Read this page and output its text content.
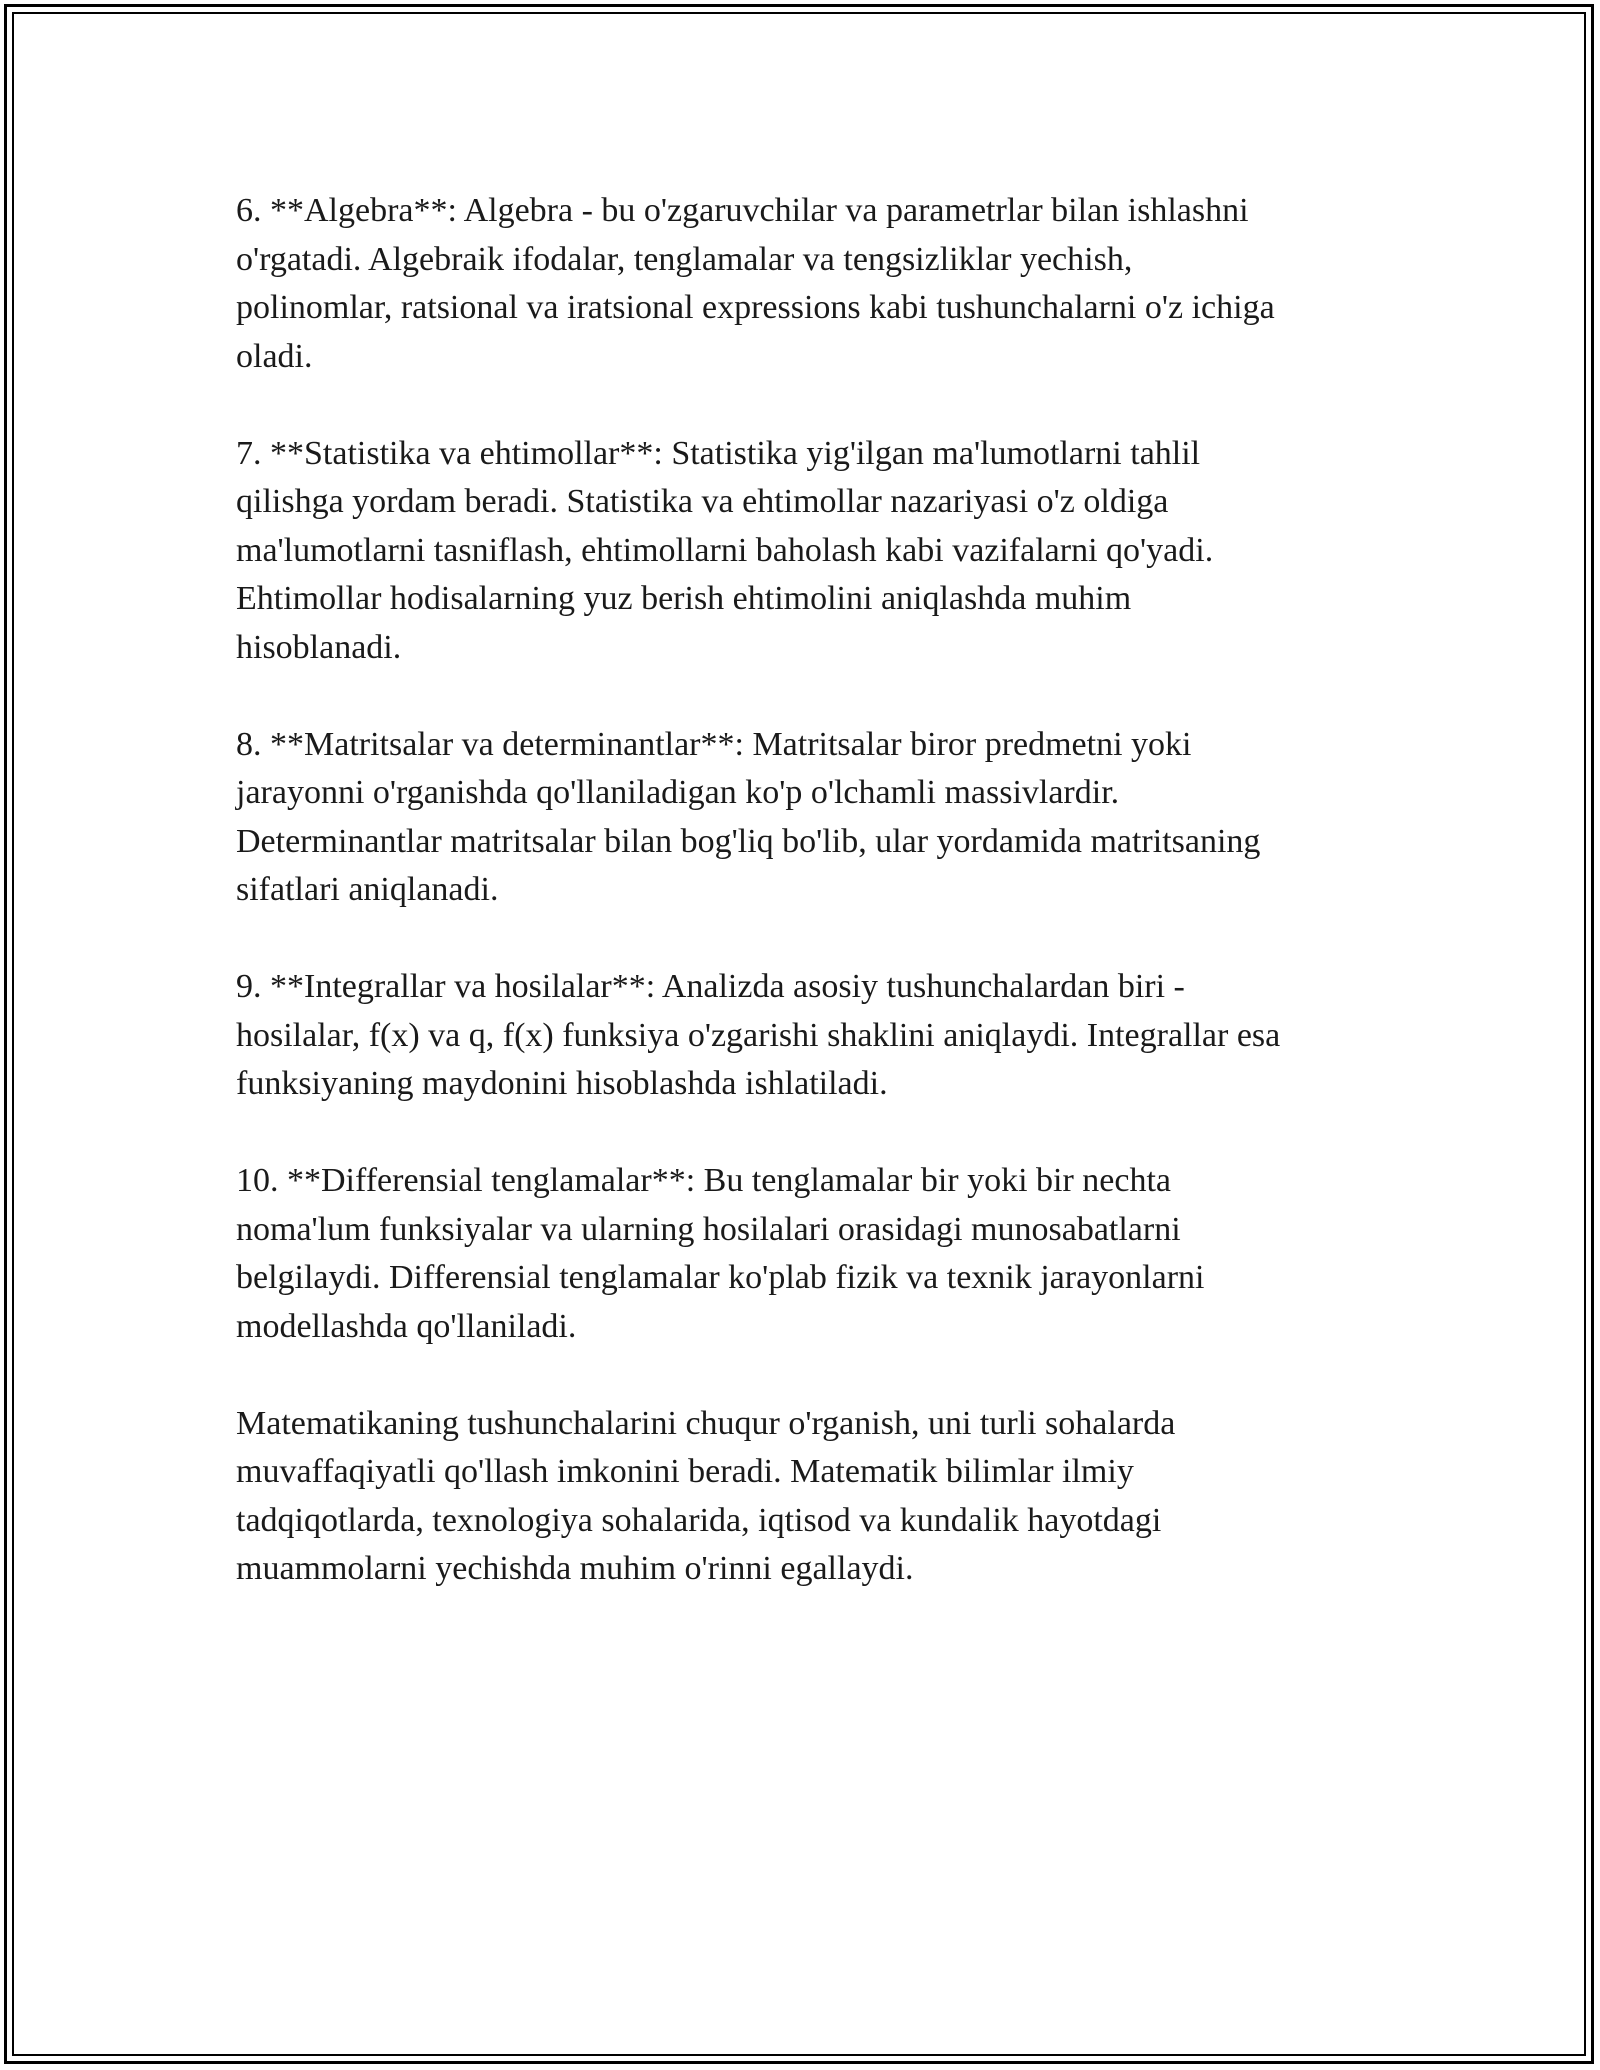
6. **Algebra**: Algebra - bu o'zgaruvchilar va parametrlar bilan ishlashni
o'rgatadi. Algebraik ifodalar, tenglamalar va tengsizliklar yechish,
polinomlar, ratsional va iratsional expressions kabi tushunchalarni o'z ichiga
oladi.

7. **Statistika va ehtimollar**: Statistika yig'ilgan ma'lumotlarni tahlil
qilishga yordam beradi. Statistika va ehtimollar nazariyasi o'z oldiga
ma'lumotlarni tasniflash, ehtimollarni baholash kabi vazifalarni qo'yadi.
Ehtimollar hodisalarning yuz berish ehtimolini aniqlashda muhim
hisoblanadi.

8. **Matritsalar va determinantlar**: Matritsalar biror predmetni yoki
jarayonni o'rganishda qo'llaniladigan ko'p o'lchamli massivlardir.
Determinantlar matritsalar bilan bog'liq bo'lib, ular yordamida matritsaning
sifatlari aniqlanadi.

9. **Integrallar va hosilalar**: Analizda asosiy tushunchalardan biri -
hosilalar, f(x) va q, f(x) funksiya o'zgarishi shaklini aniqlaydi. Integrallar esa
funksiyaning maydonini hisoblashda ishlatiladi.

10. **Differensial tenglamalar**: Bu tenglamalar bir yoki bir nechta
noma'lum funksiyalar va ularning hosilalari orasidagi munosabatlarni
belgilaydi. Differensial tenglamalar ko'plab fizik va texnik jarayonlarni
modellashda qo'llaniladi.

Matematikaning tushunchalarini chuqur o'rganish, uni turli sohalarda
muvaffaqiyatli qo'llash imkonini beradi. Matematik bilimlar ilmiy
tadqiqotlarda, texnologiya sohalarida, iqtisod va kundalik hayotdagi
muammolarni yechishda muhim o'rinni egallaydi.
